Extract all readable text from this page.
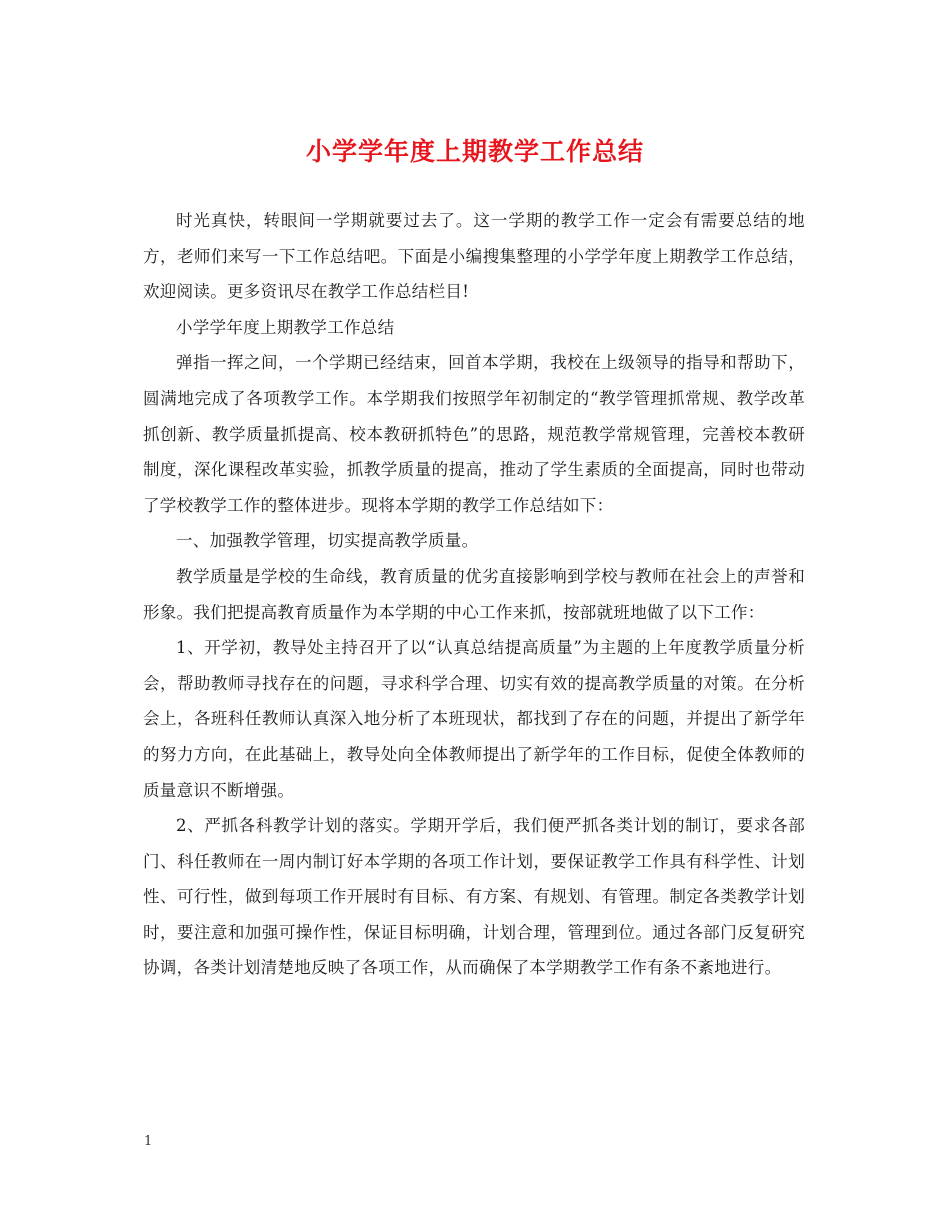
小学学年度上期教学工作总结

时光真快，转眼间一学期就要过去了。这一学期的教学工作一定会有需要总结的地方，老师们来写一下工作总结吧。下面是小编搜集整理的小学学年度上期教学工作总结，欢迎阅读。更多资讯尽在教学工作总结栏目!

小学学年度上期教学工作总结

弹指一挥之间，一个学期已经结束，回首本学期，我校在上级领导的指导和帮助下，圆满地完成了各项教学工作。本学期我们按照学年初制定的“教学管理抓常规、教学改革抓创新、教学质量抓提高、校本教研抓特色”的思路，规范教学常规管理，完善校本教研制度，深化课程改革实验，抓教学质量的提高，推动了学生素质的全面提高，同时也带动了学校教学工作的整体进步。现将本学期的教学工作总结如下：

一、加强教学管理，切实提高教学质量。

教学质量是学校的生命线，教育质量的优劣直接影响到学校与教师在社会上的声誉和形象。我们把提高教育质量作为本学期的中心工作来抓，按部就班地做了以下工作：

1、开学初，教导处主持召开了以“认真总结提高质量”为主题的上年度教学质量分析会，帮助教师寻找存在的问题，寻求科学合理、切实有效的提高教学质量的对策。在分析会上，各班科任教师认真深入地分析了本班现状，都找到了存在的问题，并提出了新学年的努力方向，在此基础上，教导处向全体教师提出了新学年的工作目标，促使全体教师的质量意识不断增强。

2、严抓各科教学计划的落实。学期开学后，我们便严抓各类计划的制订，要求各部门、科任教师在一周内制订好本学期的各项工作计划，要保证教学工作具有科学性、计划性、可行性，做到每项工作开展时有目标、有方案、有规划、有管理。制定各类教学计划时，要注意和加强可操作性，保证目标明确，计划合理，管理到位。通过各部门反复研究协调，各类计划清楚地反映了各项工作，从而确保了本学期教学工作有条不紊地进行。

1
